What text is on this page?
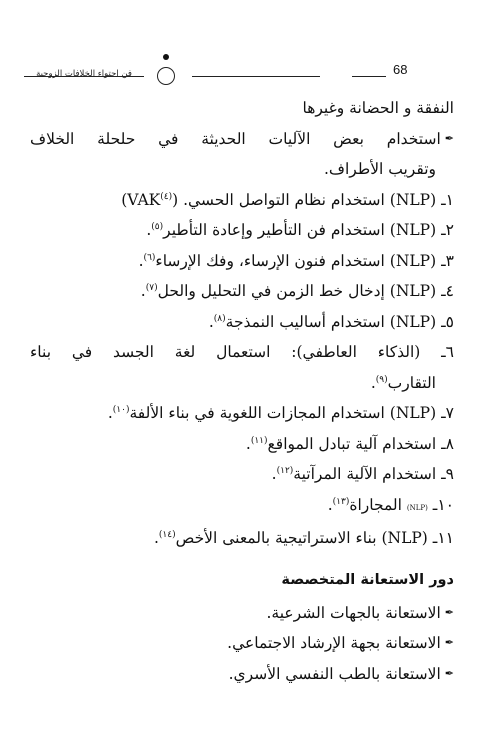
فن احتواء الخلافات الزوجية	68
النفقة و الحضانة وغيرها
✒استخدام بعض الآليات الحديثة في حلحلة الخلاف
وتقريب الأطراف.
١ـ (NLP) استخدام نظام التواصل الحسي(VAK$^{(٤)}$) .
٢ـ (NLP) استخدام فن التأطير وإعادة التأطير$^{(٥)}$.
٣ـ (NLP) استخدام فنون الإرساء، وفك الإرساء$^{(٦)}$.
٤ـ (NLP) إدخال خط الزمن في التحليل والحل$^{(٧)}$.
٥ـ (NLP) استخدام أساليب النمذجة$^{(٨)}$.
٦ـ (الذكاء العاطفي): استعمال لغة الجسد في بناء
التقارب$^{(٩)}$.
٧ـ (NLP) استخدام المجازات اللغوية في بناء الألفة$^{(١٠)}$.
٨ـ استخدام آلية تبادل المواقع$^{(١١)}$.
٩ـ استخدام الآلية المرآتية$^{(١٢)}$.
١٠ـ (NLP) المجاراة$^{(١٣)}$.
١١ـ (NLP) بناء الاستراتيجية بالمعنى الأخص$^{(١٤)}$.
دور الاستعانة المتخصصة
✒الاستعانة بالجهات الشرعية.
✒الاستعانة بجهة الإرشاد الاجتماعي.
✒الاستعانة بالطب النفسي الأسري.
